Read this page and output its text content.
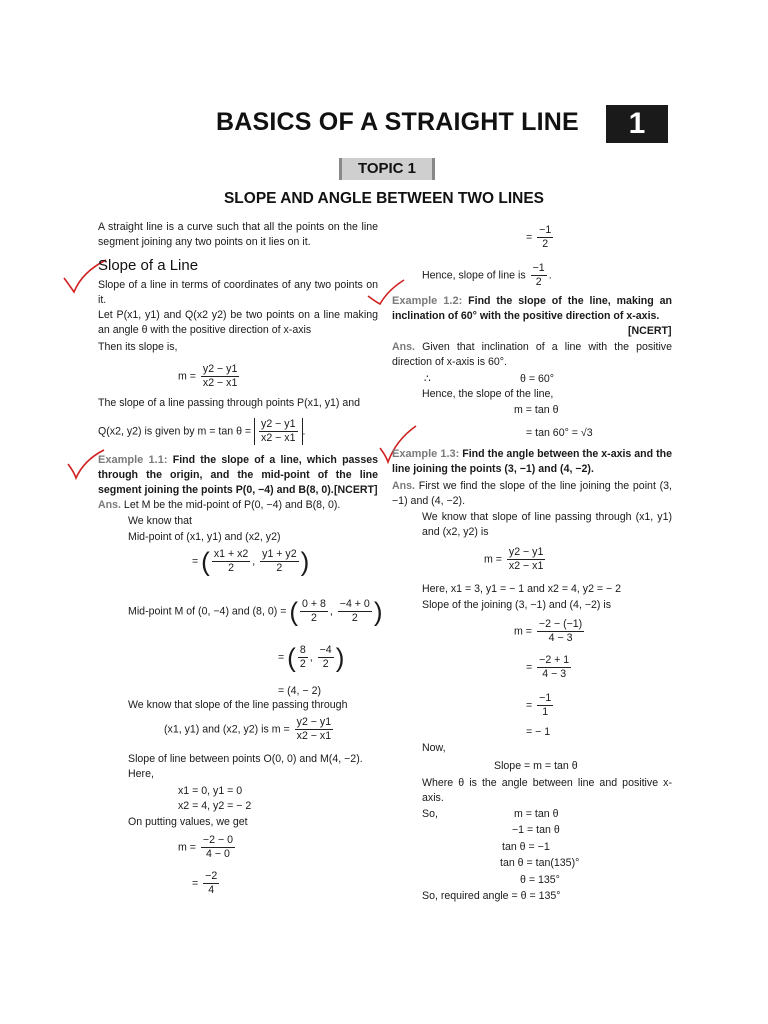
BASICS OF A STRAIGHT LINE	1
TOPIC 1
SLOPE AND ANGLE BETWEEN TWO LINES
A straight line is a curve such that all the points on the line segment joining any two points on it lies on it.
Slope of a Line
Slope of a line in terms of coordinates of any two points on it.
Let P(x1, y1) and Q(x2 y2) be two points on a line making an angle θ with the positive direction of x-axis
Then its slope is,
$m = \frac{y2 - y1}{x2 - x1}$
The slope of a line passing through points P(x1, y1) and
Q(x2, y2) is given by $m = \tan \theta = \frac{y2 - y1}{x2 - x1}$ .
Example 1.1: Find the slope of a line, which passes through the origin, and the mid-point of the line segment joining the points P(0, −4) and B(8, 0). [NCERT]
Ans. Let M be the mid-point of P(0, −4) and B(8, 0).
We know that
Mid-point of (x1, y1) and (x2, y2)
= ( $\frac{x1 + x2}{2}$ , $\frac{y1 + y2}{2}$ )
Mid-point M of (0, −4) and (8, 0) = ( $\frac{0 + 8}{2}$ , $\frac{-4 + 0}{2}$ )
= ( $\frac{8}{2}$ , $\frac{-4}{2}$ )
= (4, − 2)
We know that slope of the line passing through
(x1, y1) and (x2, y2) is $m = \frac{y2 - y1}{x2 - x1}$
Slope of line between points O(0, 0) and M(4, −2).
Here,
x1 = 0, y1 = 0
x2 = 4, y2 = − 2
On putting values, we get
$m = \frac{-2 - 0}{4 - 0}$
= $\frac{-2}{4}$
= $\frac{-1}{2}$
Hence, slope of line is $\frac{-1}{2}$ .
Example 1.2: Find the slope of the line, making an inclination of 60° with the positive direction of x-axis.
[NCERT]
Ans. Given that inclination of a line with the positive direction of x-axis is 60°.
∴	θ = 60°
Hence, the slope of the line,
m = tan θ
= tan 60° = √3
Example 1.3: Find the angle between the x-axis and the line joining the points (3, −1) and (4, −2).
Ans. First we find the slope of the line joining the point (3, −1) and (4, −2).
We know that slope of line passing through (x1, y1) and (x2, y2) is
$m = \frac{y2 - y1}{x2 - x1}$
Here, x1 = 3, y1 = − 1 and x2 = 4, y2 = − 2
Slope of the joining (3, −1) and (4, −2) is
$m = \frac{-2 - (-1)}{4 - 3}$
= $\frac{-2 + 1}{4 - 3}$
= $\frac{-1}{1}$
= − 1
Now,
Slope = m = tan θ
Where θ is the angle between line and positive x-axis.
So,	m = tan θ
−1 = tan θ
tan θ = −1
tan θ = tan(135)°
θ = 135°
So, required angle = θ = 135°
